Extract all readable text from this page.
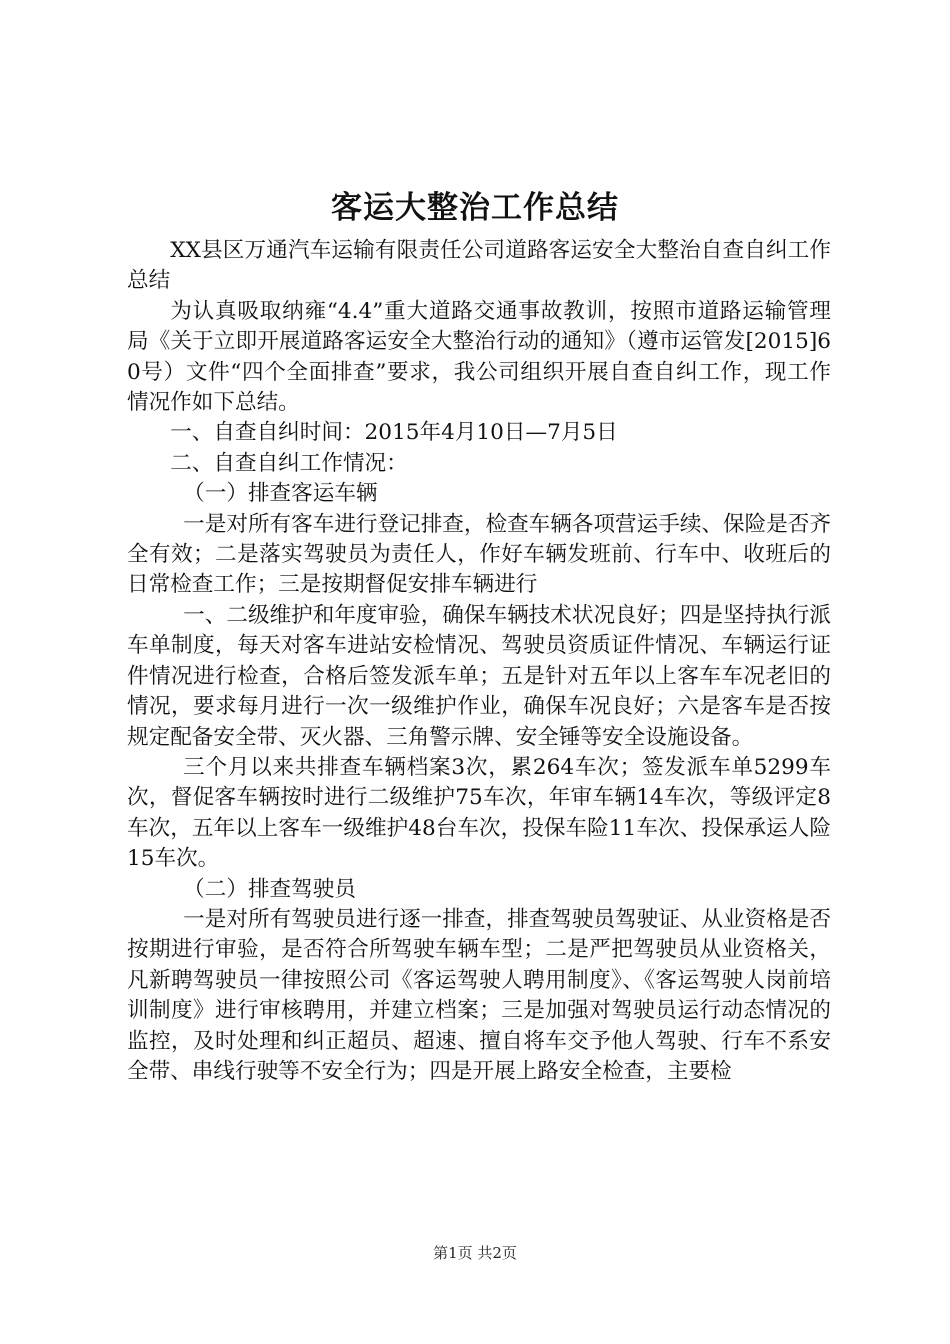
客运大整治工作总结

XX县区万通汽车运输有限责任公司道路客运安全大整治自查自纠工作总结

为认真吸取纳雍“4.4”重大道路交通事故教训，按照市道路运输管理局《关于立即开展道路客运安全大整治行动的通知》（遵市运管发[2015]60号）文件“四个全面排查”要求，我公司组织开展自查自纠工作，现工作情况作如下总结。

一、自查自纠时间：2015年4月10日—7月5日

二、自查自纠工作情况：

（一）排查客运车辆

一是对所有客车进行登记排查，检查车辆各项营运手续、保险是否齐全有效；二是落实驾驶员为责任人，作好车辆发班前、行车中、收班后的日常检查工作；三是按期督促安排车辆进行

一、二级维护和年度审验，确保车辆技术状况良好；四是坚持执行派车单制度，每天对客车进站安检情况、驾驶员资质证件情况、车辆运行证件情况进行检查，合格后签发派车单；五是针对五年以上客车车况老旧的情况，要求每月进行一次一级维护作业，确保车况良好；六是客车是否按规定配备安全带、灭火器、三角警示牌、安全锤等安全设施设备。

三个月以来共排查车辆档案3次，累264车次；签发派车单5299车次，督促客车辆按时进行二级维护75车次，年审车辆14车次，等级评定8车次，五年以上客车一级维护48台车次，投保车险11车次、投保承运人险15车次。

（二）排查驾驶员

一是对所有驾驶员进行逐一排查，排查驾驶员驾驶证、从业资格是否按期进行审验，是否符合所驾驶车辆车型；二是严把驾驶员从业资格关，凡新聘驾驶员一律按照公司《客运驾驶人聘用制度》、《客运驾驶人岗前培训制度》进行审核聘用，并建立档案；三是加强对驾驶员运行动态情况的监控，及时处理和纠正超员、超速、擅自将车交予他人驾驶、行车不系安全带、串线行驶等不安全行为；四是开展上路安全检查，主要检

第1页 共2页
